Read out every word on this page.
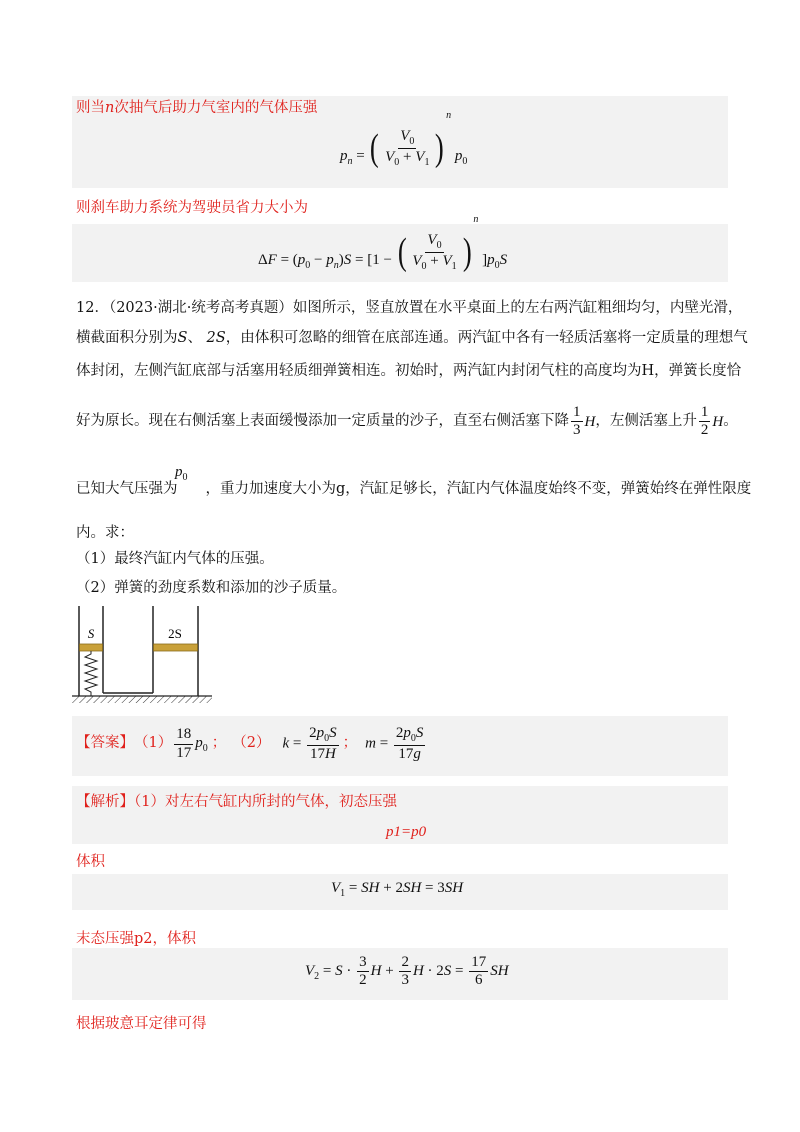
则当n次抽气后助力气室内的气体压强
$p_n$ = ( $\frac{V_0}{V_0 + V_1}$ )
$^n$ $p_0$
则刹车助力系统为驾驶员省力大小为
$\Delta F = (p_0 - p_n)S = [1$ − ( $\frac{V_0}{V_0 + V_1}$ )
$^n$ ]$p_0S$
12．（2023·湖北·统考高考真题）如图所示，竖直放置在水平桌面上的左右两汽缸粗细均匀，内壁光滑，
横截面积分别为S、 2S，由体积可忽略的细管在底部连通。两汽缸中各有一轻质活塞将一定质量的理想气
体封闭，左侧汽缸底部与活塞用轻质细弹簧相连。初始时，两汽缸内封闭气柱的高度均为H，弹簧长度恰
好为原长。现在右侧活塞上表面缓慢添加一定质量的沙子，直至右侧活塞下降 $\frac{1}{3}$ H ，左侧活塞上升 $\frac{1}{2}$ H 。
$p_0$
已知大气压强为 ，重力加速度大小为g，汽缸足够长，汽缸内气体温度始终不变，弹簧始终在弹性限度
内。求：
（1）最终汽缸内气体的压强。
（2）弹簧的劲度系数和添加的沙子质量。
S	2S
【答案】 $(1) \frac{18}{17} p_0$ ； （2） $k = \frac{2p_0S}{17H}$ ； $m = \frac{2p_0S}{17g}$
【解析】（1）对左右气缸内所封的气体，初态压强
p1=p0
体积
$V_1$ = SH + 2SH = 3SH
末态压强p2，体积
$V_2 = S \cdot \frac{3}{2}$ $H + \frac{2}{3}$ $H \cdot 2S = \frac{17}{6}$ SH
根据玻意耳定律可得
